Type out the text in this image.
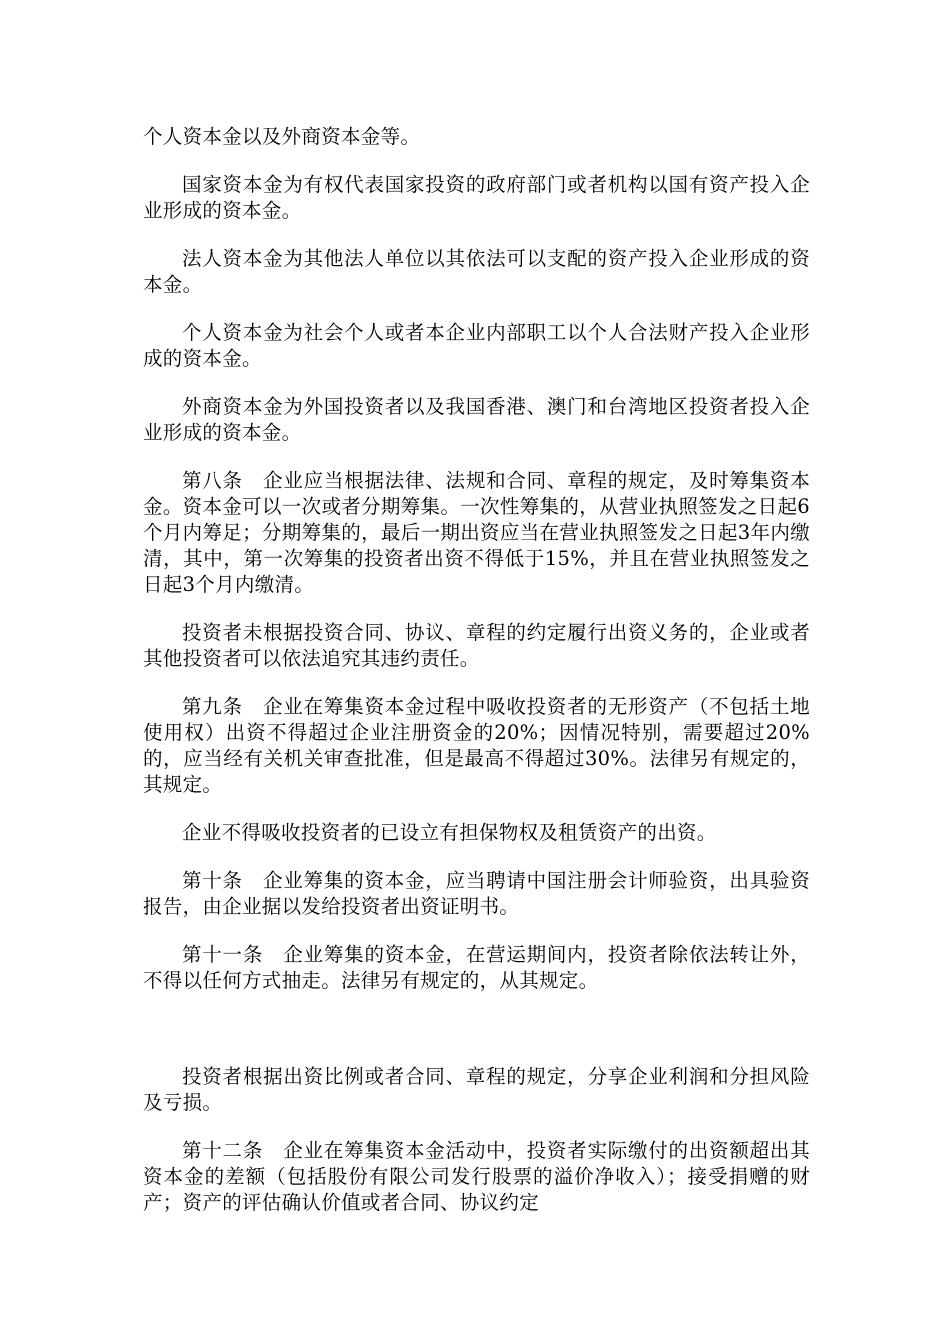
个人资本金以及外商资本金等。

国家资本金为有权代表国家投资的政府部门或者机构以国有资产投入企业形成的资本金。

法人资本金为其他法人单位以其依法可以支配的资产投入企业形成的资本金。

个人资本金为社会个人或者本企业内部职工以个人合法财产投入企业形成的资本金。

外商资本金为外国投资者以及我国香港、澳门和台湾地区投资者投入企业形成的资本金。

第八条　企业应当根据法律、法规和合同、章程的规定，及时筹集资本金。资本金可以一次或者分期筹集。一次性筹集的，从营业执照签发之日起6个月内筹足；分期筹集的，最后一期出资应当在营业执照签发之日起3年内缴清，其中，第一次筹集的投资者出资不得低于15%，并且在营业执照签发之日起3个月内缴清。

投资者未根据投资合同、协议、章程的约定履行出资义务的，企业或者其他投资者可以依法追究其违约责任。

第九条　企业在筹集资本金过程中吸收投资者的无形资产（不包括土地使用权）出资不得超过企业注册资金的20%；因情况特别，需要超过20%的，应当经有关机关审查批准，但是最高不得超过30%。法律另有规定的，其规定。

企业不得吸收投资者的已设立有担保物权及租赁资产的出资。

第十条　企业筹集的资本金，应当聘请中国注册会计师验资，出具验资报告，由企业据以发给投资者出资证明书。

第十一条　企业筹集的资本金，在营运期间内，投资者除依法转让外，不得以任何方式抽走。法律另有规定的，从其规定。

投资者根据出资比例或者合同、章程的规定，分享企业利润和分担风险及亏损。

第十二条　企业在筹集资本金活动中，投资者实际缴付的出资额超出其资本金的差额（包括股份有限公司发行股票的溢价净收入）；接受捐赠的财产；资产的评估确认价值或者合同、协议约定
